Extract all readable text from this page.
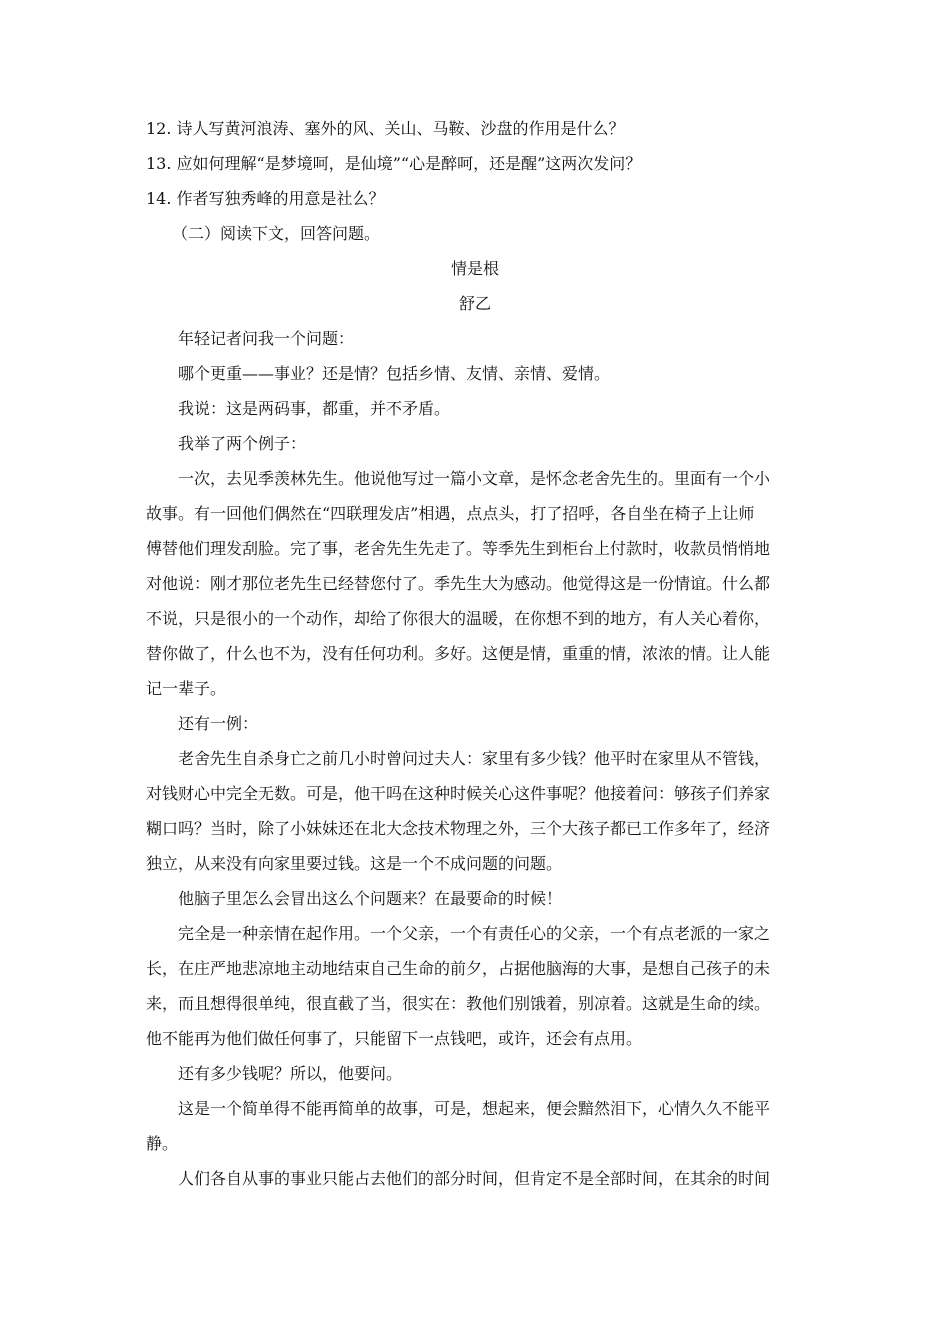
12. 诗人写黄河浪涛、塞外的风、关山、马鞍、沙盘的作用是什么？
13. 应如何理解“是梦境呵，是仙境”“心是醉呵，还是醒”这两次发问？
14. 作者写独秀峰的用意是社么？
（二）阅读下文，回答问题。
情是根
舒乙
年轻记者问我一个问题：
哪个更重——事业？还是情？包括乡情、友情、亲情、爱情。
我说：这是两码事，都重，并不矛盾。
我举了两个例子：
一次，去见季羡林先生。他说他写过一篇小文章，是怀念老舍先生的。里面有一个小
故事。有一回他们偶然在“四联理发店”相遇，点点头，打了招呼，各自坐在椅子上让师
傅替他们理发刮脸。完了事，老舍先生先走了。等季先生到柜台上付款时，收款员悄悄地
对他说：刚才那位老先生已经替您付了。季先生大为感动。他觉得这是一份情谊。什么都
不说，只是很小的一个动作，却给了你很大的温暖，在你想不到的地方，有人关心着你，
替你做了，什么也不为，没有任何功利。多好。这便是情，重重的情，浓浓的情。让人能
记一辈子。
还有一例：
老舍先生自杀身亡之前几小时曾问过夫人：家里有多少钱？他平时在家里从不管钱，
对钱财心中完全无数。可是，他干吗在这种时候关心这件事呢？他接着问：够孩子们养家
糊口吗？当时，除了小妹妹还在北大念技术物理之外，三个大孩子都已工作多年了，经济
独立，从来没有向家里要过钱。这是一个不成问题的问题。
他脑子里怎么会冒出这么个问题来？在最要命的时候！
完全是一种亲情在起作用。一个父亲，一个有责任心的父亲，一个有点老派的一家之
长，在庄严地悲凉地主动地结束自己生命的前夕，占据他脑海的大事，是想自己孩子的未
来，而且想得很单纯，很直截了当，很实在：教他们别饿着，别凉着。这就是生命的续。
他不能再为他们做任何事了，只能留下一点钱吧，或许，还会有点用。
还有多少钱呢？所以，他要问。
这是一个简单得不能再简单的故事，可是，想起来，便会黯然泪下，心情久久不能平
静。
人们各自从事的事业只能占去他们的部分时间，但肯定不是全部时间，在其余的时间
